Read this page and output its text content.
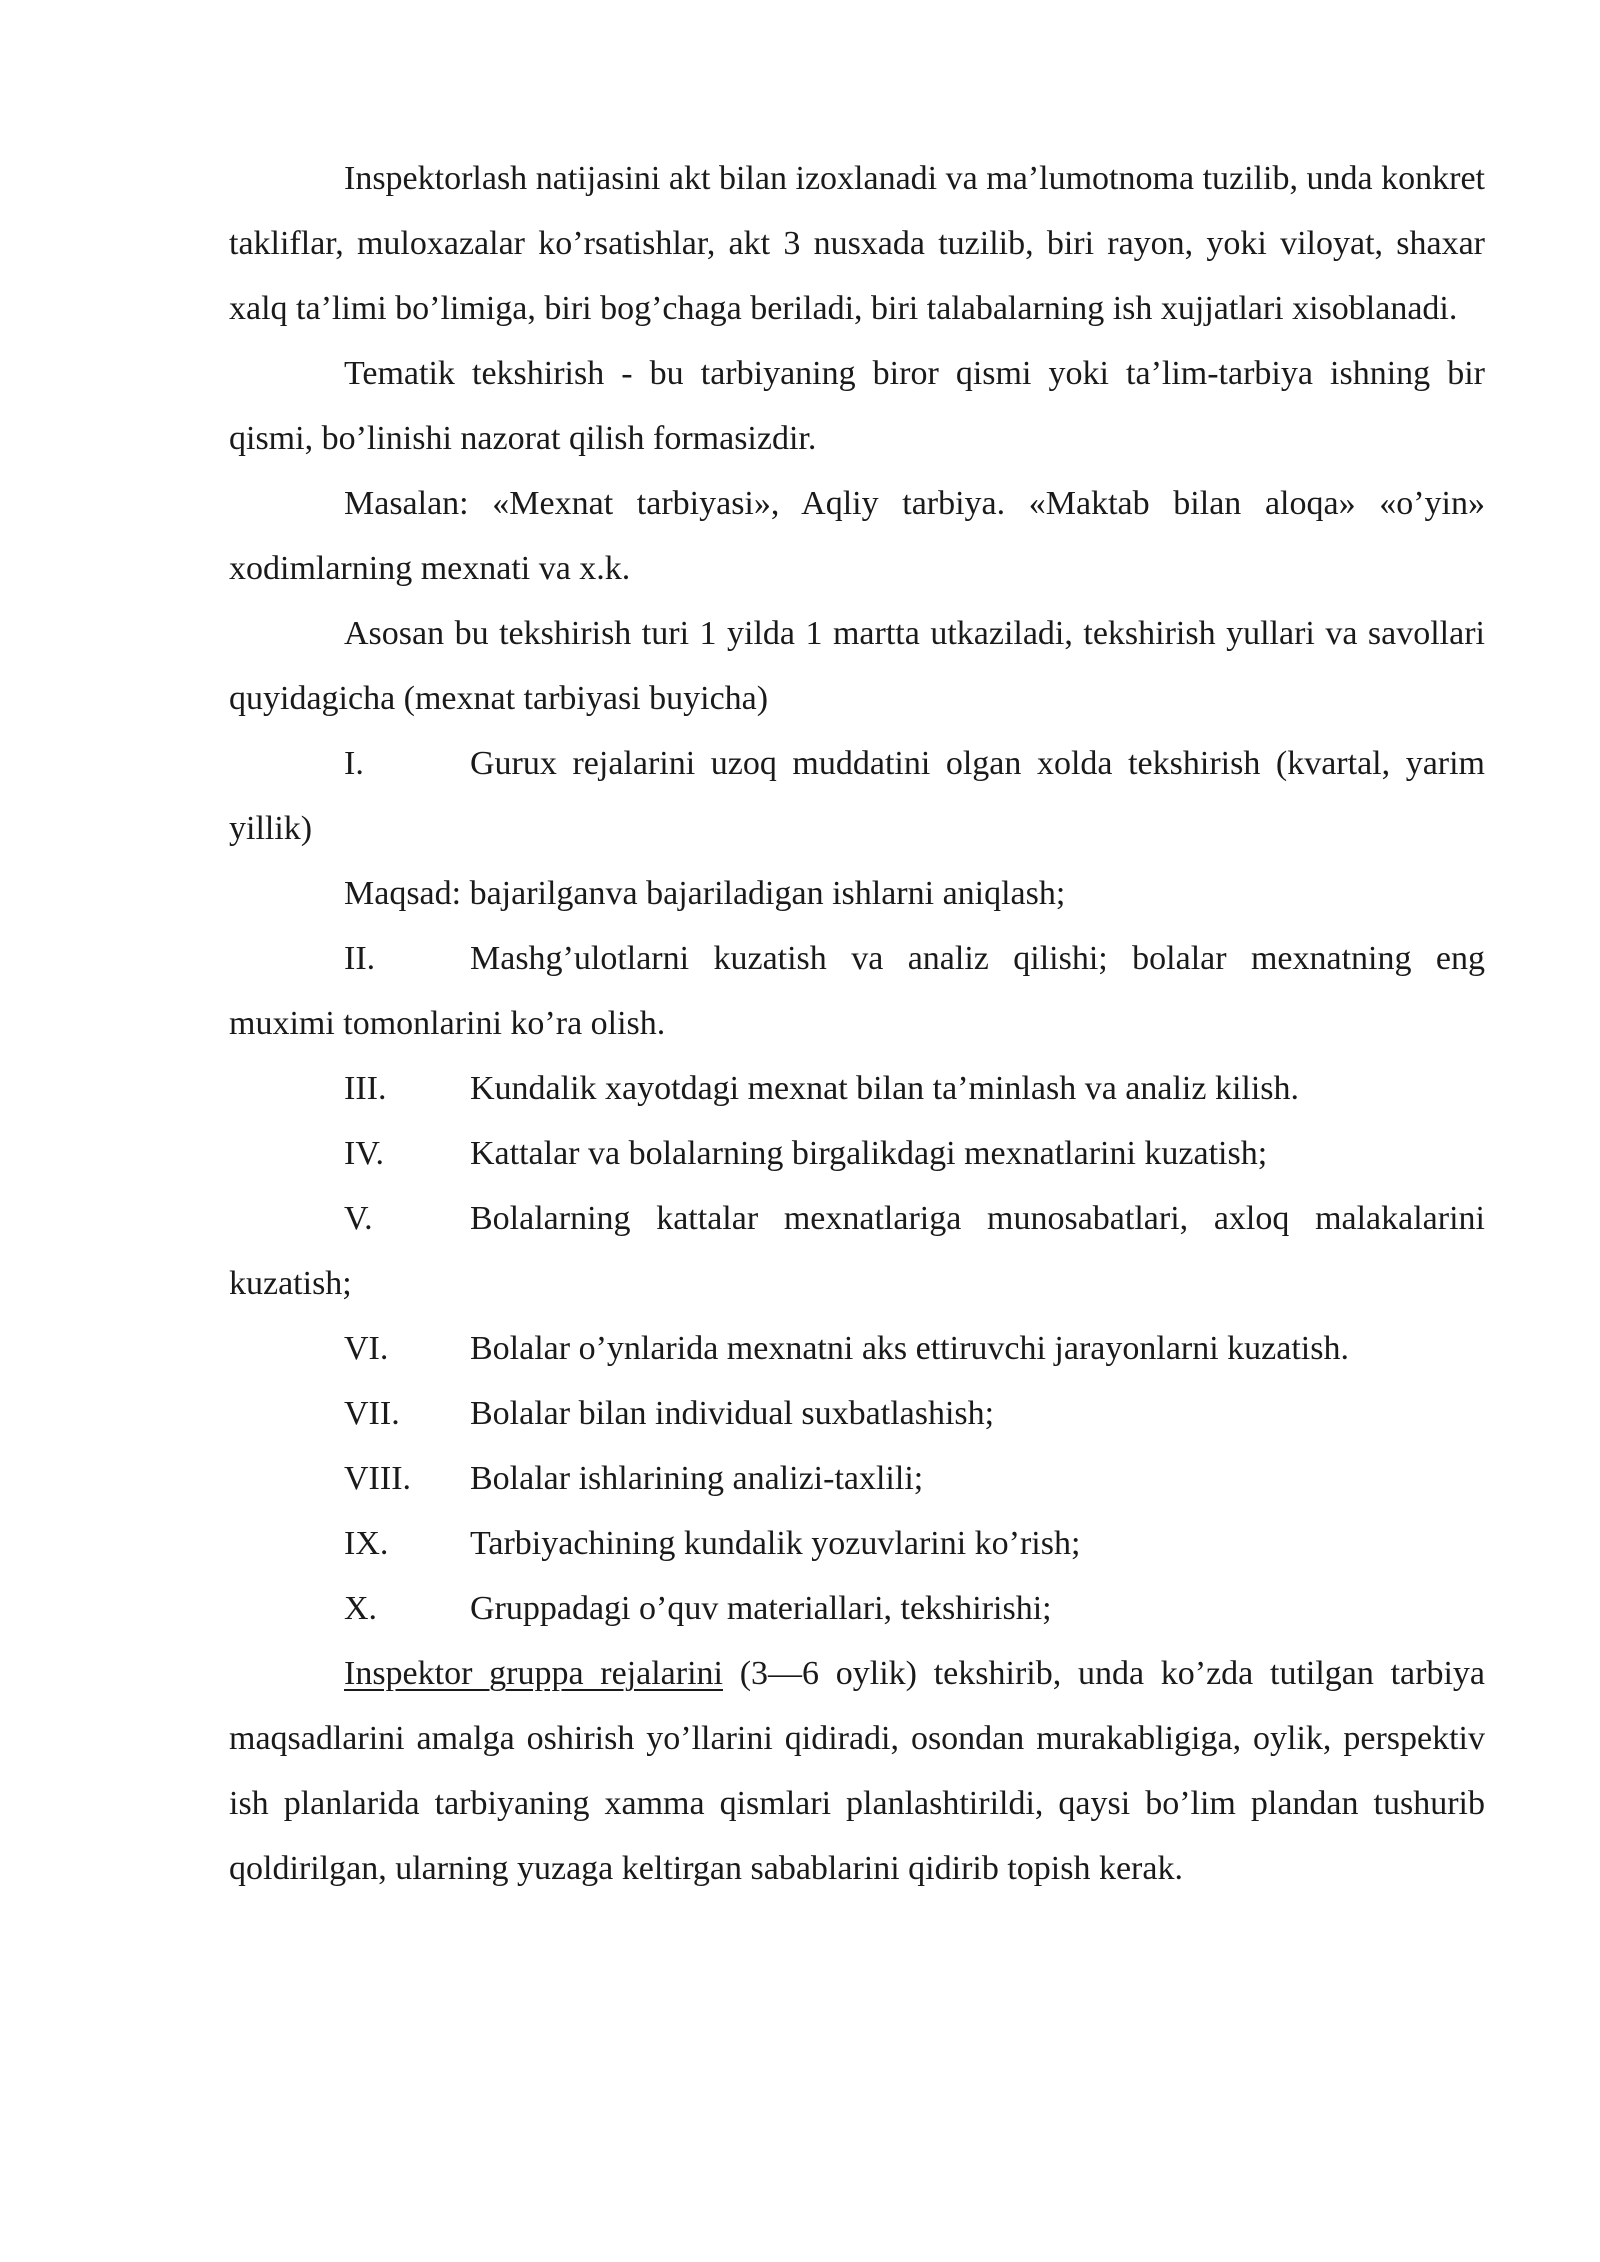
Inspektorlash natijasini akt bilan izoxlanadi va ma’lumotnoma tuzilib, unda konkret takliflar, muloxazalar ko’rsatishlar, akt 3 nusxada tuzilib, biri rayon, yoki viloyat, shaxar xalq ta’limi bo’limiga, biri bog’chaga beriladi, biri talabalarning ish xujjatlari xisoblanadi.

Tematik tekshirish - bu tarbiyaning biror qismi yoki ta’lim-tarbiya ishning bir qismi, bo’linishi nazorat qilish formasizdir.

Masalan: «Mexnat tarbiyasi», Aqliy tarbiya. «Maktab bilan aloqa» «o’yin» xodimlarning mexnati va x.k.

Asosan bu tekshirish turi 1 yilda 1 martta utkaziladi, tekshirish yullari va savollari quyidagicha (mexnat tarbiyasi buyicha)

I.	Gurux rejalarini uzoq muddatini olgan xolda tekshirish (kvartal, yarim yillik)

Maqsad: bajarilganva bajariladigan ishlarni aniqlash;

II.	Mashg’ulotlarni kuzatish va analiz qilishi; bolalar mexnatning eng muximi tomonlarini ko’ra olish.

III. Kundalik xayotdagi mexnat bilan ta’minlash va analiz kilish.

IV.	Kattalar va bolalarning birgalikdagi mexnatlarini kuzatish;

V.	Bolalarning kattalar mexnatlariga munosabatlari, axloq malakalarini kuzatish;

VI. Bolalar o’ynlarida mexnatni aks ettiruvchi jarayonlarni kuzatish.

VII. Bolalar bilan individual suxbatlashish;

VIII. Bolalar ishlarining analizi-taxlili;

IX. Tarbiyachining kundalik yozuvlarini ko’rish;

X.	Gruppadagi o’quv materiallari, tekshirishi;

Inspektor gruppa rejalarini (3—6 oylik) tekshirib, unda ko’zda tutilgan tarbiya maqsadlarini amalga oshirish yo’llarini qidiradi, osondan murakabligiga, oylik, perspektiv ish planlarida tarbiyaning xamma qismlari planlashtirildi, qaysi bo’lim plandan tushurib qoldirilgan, ularning yuzaga keltirgan sabablarini qidirib topish kerak.
